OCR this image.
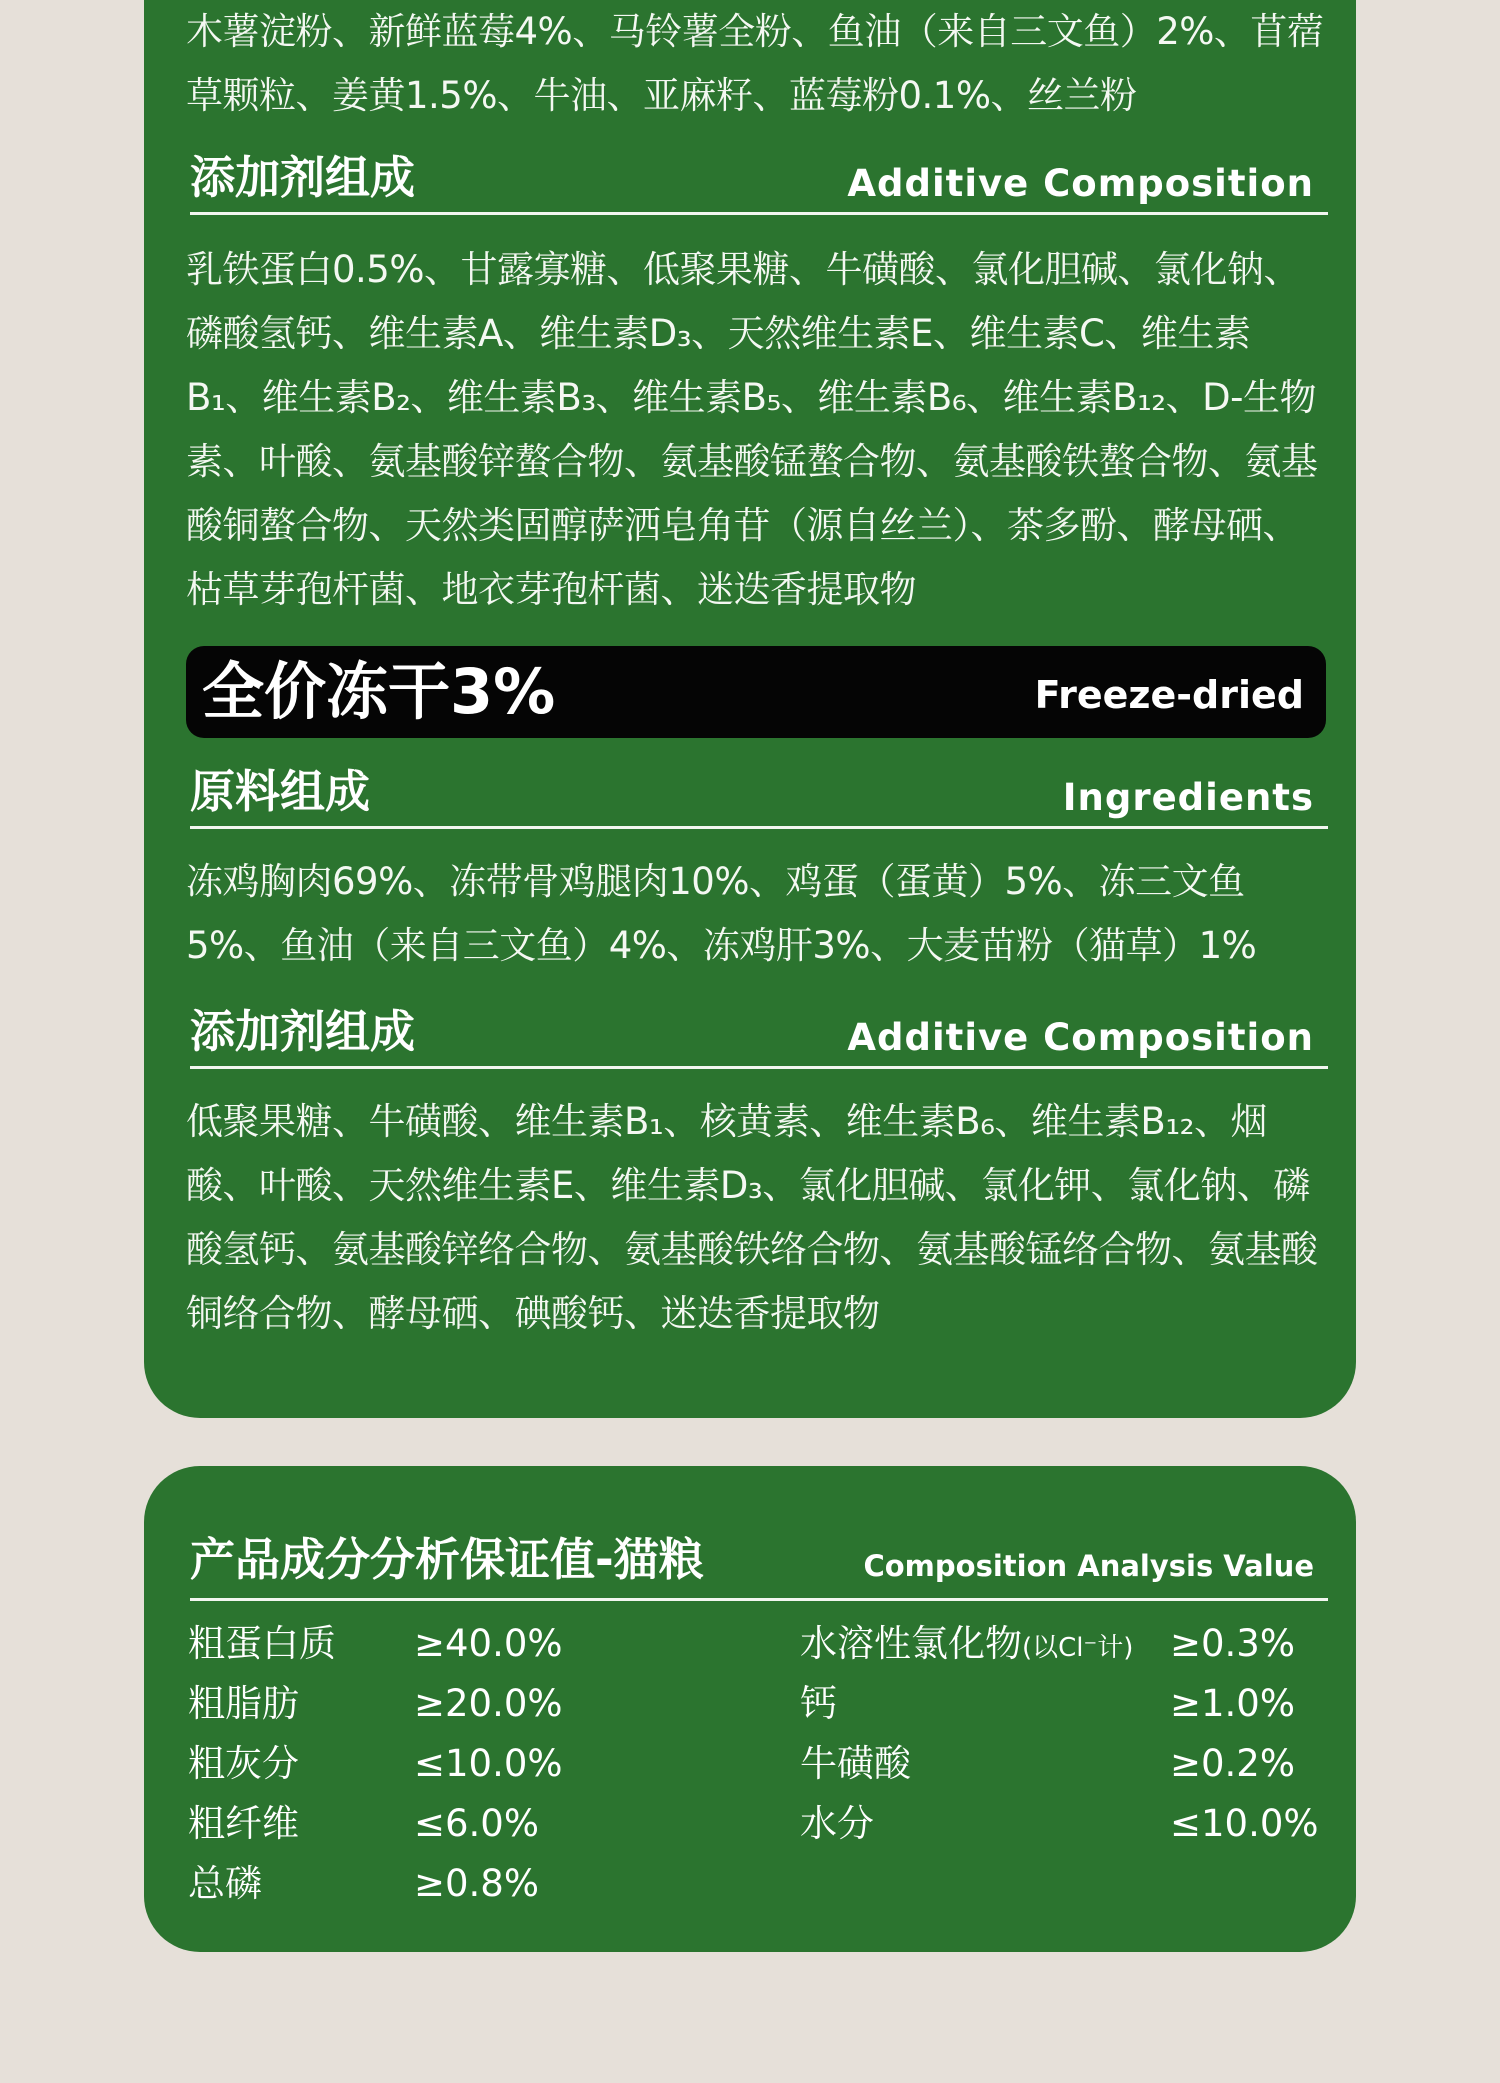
木薯淀粉、新鲜蓝莓4%、马铃薯全粉、鱼油（来自三文鱼）2%、苜蓿草颗粒、姜黄1.5%、牛油、亚麻籽、蓝莓粉0.1%、丝兰粉

添加剂组成	Additive Composition

乳铁蛋白0.5%、甘露寡糖、低聚果糖、牛磺酸、氯化胆碱、氯化钠、磷酸氢钙、维生素A、维生素D₃、天然维生素E、维生素C、维生素B₁、维生素B₂、维生素B₃、维生素B₅、维生素B₆、维生素B₁₂、D-生物素、叶酸、氨基酸锌螯合物、氨基酸锰螯合物、氨基酸铁螯合物、氨基酸铜螯合物、天然类固醇萨洒皂角苷（源自丝兰）、茶多酚、酵母硒、枯草芽孢杆菌、地衣芽孢杆菌、迷迭香提取物

全价冻干3%	Freeze-dried
原料组成	Ingredients

冻鸡胸肉69%、冻带骨鸡腿肉10%、鸡蛋（蛋黄）5%、冻三文鱼5%、鱼油（来自三文鱼）4%、冻鸡肝3%、大麦苗粉（猫草）1%

添加剂组成	Additive Composition

低聚果糖、牛磺酸、维生素B₁、核黄素、维生素B₆、维生素B₁₂、烟酸、叶酸、天然维生素E、维生素D₃、氯化胆碱、氯化钾、氯化钠、磷酸氢钙、氨基酸锌络合物、氨基酸铁络合物、氨基酸锰络合物、氨基酸铜络合物、酵母硒、碘酸钙、迷迭香提取物

产品成分分析保证值-猫粮	Composition Analysis Value
粗蛋白质 ≥40.0%
粗脂肪	≥20.0%
粗灰分	≤10.0%
粗纤维	≤6.0%
总磷	≥0.8%
水溶性氯化物(以Cl⁻计) ≥0.3%
钙	≥1.0%
牛磺酸	≥0.2%
水分	≤10.0%
